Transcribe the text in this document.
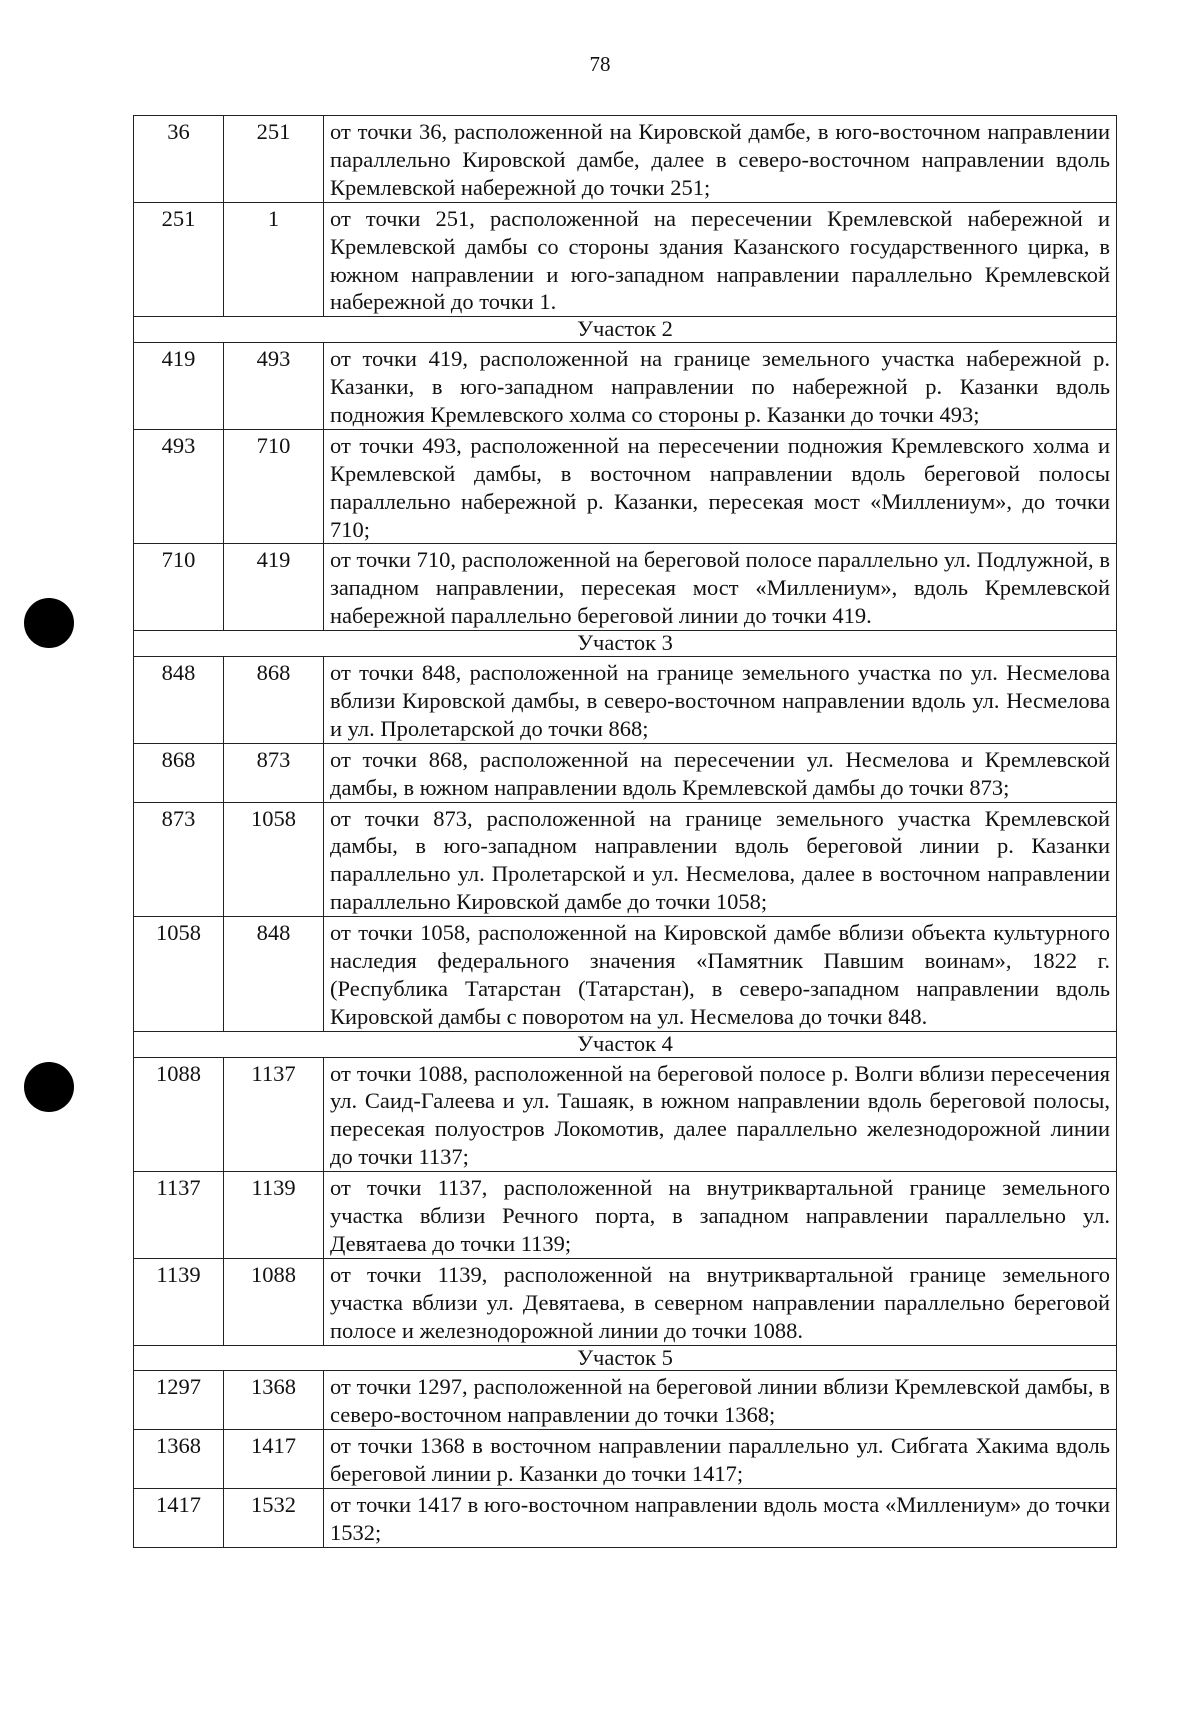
78
36	251	от точки 36, расположенной на Кировской дамбе, в юго-восточном направлении параллельно Кировской дамбе, далее в северо-восточном направлении вдоль Кремлевской набережной до точки 251;
251	1	от точки 251, расположенной на пересечении Кремлевской набережной и Кремлевской дамбы со стороны здания Казанского государственного цирка, в южном направлении и юго-западном направлении параллельно Кремлевской набережной до точки 1.
Участок 2		
419	493	от точки 419, расположенной на границе земельного участка набережной р. Казанки, в юго-западном направлении по набережной р. Казанки вдоль подножия Кремлевского холма со стороны р. Казанки до точки 493;
493	710	от точки 493, расположенной на пересечении подножия Кремлевского холма и Кремлевской дамбы, в восточном направлении вдоль береговой полосы параллельно набережной р. Казанки, пересекая мост «Миллениум», до точки 710;
710	419	от точки 710, расположенной на береговой полосе параллельно ул. Подлужной, в западном направлении, пересекая мост «Миллениум», вдоль Кремлевской набережной параллельно береговой линии до точки 419.
Участок 3		
848	868	от точки 848, расположенной на границе земельного участка по ул. Несмелова вблизи Кировской дамбы, в северо-восточном направлении вдоль ул. Несмелова и ул. Пролетарской до точки 868;
868	873	от точки 868, расположенной на пересечении ул. Несмелова и Кремлевской дамбы, в южном направлении вдоль Кремлевской дамбы до точки 873;
873	1058	от точки 873, расположенной на границе земельного участка Кремлевской дамбы, в юго-западном направлении вдоль береговой линии р. Казанки параллельно ул. Пролетарской и ул. Несмелова, далее в восточном направлении параллельно Кировской дамбе до точки 1058;
1058	848	от точки 1058, расположенной на Кировской дамбе вблизи объекта культурного наследия федерального значения «Памятник Павшим воинам», 1822 г. (Республика Татарстан (Татарстан), в северо-западном направлении вдоль Кировской дамбы с поворотом на ул. Несмелова до точки 848.
Участок 4		
1088	1137	от точки 1088, расположенной на береговой полосе р. Волги вблизи пересечения ул. Саид-Галеева и ул. Ташаяк, в южном направлении вдоль береговой полосы, пересекая полуостров Локомотив, далее параллельно железнодорожной линии до точки 1137;
1137	1139	от точки 1137, расположенной на внутриквартальной границе земельного участка вблизи Речного порта, в западном направлении параллельно ул. Девятаева до точки 1139;
1139	1088	от точки 1139, расположенной на внутриквартальной границе земельного участка вблизи ул. Девятаева, в северном направлении параллельно береговой полосе и железнодорожной линии до точки 1088.
Участок 5		
1297	1368	от точки 1297, расположенной на береговой линии вблизи Кремлевской дамбы, в северо-восточном направлении до точки 1368;
1368	1417	от точки 1368 в восточном направлении параллельно ул. Сибгата Хакима вдоль береговой линии р. Казанки до точки 1417;
1417	1532	от точки 1417 в юго-восточном направлении вдоль моста «Миллениум» до точки 1532;
